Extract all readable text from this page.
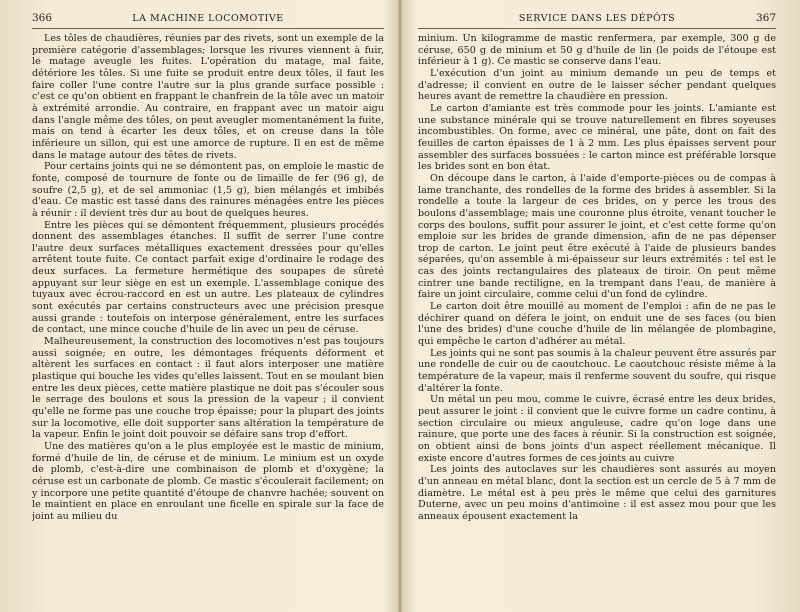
366	LA MACHINE LOCOMOTIVE

Les tôles de chaudières, réunies par des rivets, sont un exemple de la première catégorie d'assemblages; lorsque les rivures viennent à fuir, le matage aveugle les fuites. L'opération du matage, mal faite, détériore les tôles. Si une fuite se produit entre deux tôles, il faut les faire coller l'une contre l'autre sur la plus grande surface possible : c'est ce qu'on obtient en frappant le chanfrein de la tôle avec un matoir à extrémité arrondie. Au contraire, en frappant avec un matoir aigu dans l'angle même des tôles, on peut aveugler momentanément la fuite, mais on tend à écarter les deux tôles, et on creuse dans la tôle inférieure un sillon, qui est une amorce de rupture. Il en est de même dans le matage autour des têtes de rivets.

Pour certains joints qui ne se démontent pas, on emploie le mastic de fonte, composé de tournure de fonte ou de limaille de fer (96 g), de soufre (2,5 g), et de sel ammoniac (1,5 g), bien mélangés et imbibés d'eau. Ce mastic est tassé dans des rainures ménagées entre les pièces à réunir : il devient très dur au bout de quelques heures.

Entre les pièces qui se démontent fréquemment, plusieurs procédés donnent des assemblages étanches. Il suffit de serrer l'une contre l'autre deux surfaces métalliques exactement dressées pour qu'elles arrêtent toute fuite. Ce contact parfait exige d'ordinaire le rodage des deux surfaces. La fermeture hermétique des soupapes de sûreté appuyant sur leur siège en est un exemple. L'assemblage conique des tuyaux avec écrou-raccord en est un autre. Les plateaux de cylindres sont exécutés par certains constructeurs avec une précision presque aussi grande : toutefois on interpose généralement, entre les surfaces de contact, une mince couche d'huile de lin avec un peu de céruse.

Malheureusement, la construction des locomotives n'est pas toujours aussi soignée; en outre, les démontages fréquents déforment et altèrent les surfaces en contact : il faut alors interposer une matière plastique qui bouche les vides qu'elles laissent. Tout en se moulant bien entre les deux pièces, cette matière plastique ne doit pas s'écouler sous le serrage des boulons et sous la pression de la vapeur ; il convient qu'elle ne forme pas une couche trop épaisse; pour la plupart des joints sur la locomotive, elle doit supporter sans altération la température de la vapeur. Enfin le joint doit pouvoir se défaire sans trop d'effort.

Une des matières qu'on a le plus employée est le mastic de minium, formé d'huile de lin, de céruse et de minium. Le minium est un oxyde de plomb, c'est-à-dire une combinaison de plomb et d'oxygène; la céruse est un carbonate de plomb. Ce mastic s'écoulerait facilement; on y incorpore une petite quantité d'étoupe de chanvre hachée; souvent on le maintient en place en enroulant une ficelle en spirale sur la face de joint au milieu du

SERVICE DANS LES DÉPÔTS	367

minium. Un kilogramme de mastic renfermera, par exemple, 300 g de céruse, 650 g de minium et 50 g d'huile de lin (le poids de l'étoupe est inférieur à 1 g). Ce mastic se conserve dans l'eau.

L'exécution d'un joint au minium demande un peu de temps et d'adresse; il convient en outre de le laisser sécher pendant quelques heures avant de remettre la chaudière en pression.

Le carton d'amiante est très commode pour les joints. L'amiante est une substance minérale qui se trouve naturellement en fibres soyeuses incombustibles. On forme, avec ce minéral, une pâte, dont on fait des feuilles de carton épaisses de 1 à 2 mm. Les plus épaisses servent pour assembler des surfaces bossuées : le carton mince est préférable lorsque les brides sont en bon état.

On découpe dans le carton, à l'aide d'emporte-pièces ou de compas à lame tranchante, des rondelles de la forme des brides à assembler. Si la rondelle a toute la largeur de ces brides, on y perce les trous des boulons d'assemblage; mais une couronne plus étroite, venant toucher le corps des boulons, suffit pour assurer le joint, et c'est cette forme qu'on emploie sur les brides de grande dimension, afin de ne pas dépenser trop de carton. Le joint peut être exécuté à l'aide de plusieurs bandes séparées, qu'on assemble à mi-épaisseur sur leurs extrémités : tel est le cas des joints rectangulaires des plateaux de tiroir. On peut même cintrer une bande rectiligne, en la trempant dans l'eau, de manière à faire un joint circulaire, comme celui d'un fond de cylindre.

Le carton doit être mouillé au moment de l'emploi : afin de ne pas le déchirer quand on défera le joint, on enduit une de ses faces (ou bien l'une des brides) d'une couche d'huile de lin mélangée de plombagine, qui empêche le carton d'adhérer au métal.

Les joints qui ne sont pas soumis à la chaleur peuvent être assurés par une rondelle de cuir ou de caoutchouc. Le caoutchouc résiste même à la température de la vapeur, mais il renferme souvent du soufre, qui risque d'altérer la fonte.

Un métal un peu mou, comme le cuivre, écrasé entre les deux brides, peut assurer le joint : il convient que le cuivre forme un cadre continu, à section circulaire ou mieux anguleuse, cadre qu'on loge dans une rainure, que porte une des faces à réunir. Si la construction est soignée, on obtient ainsi de bons joints d'un aspect réellement mécanique. Il existe encore d'autres formes de ces joints au cuivre

Les joints des autoclaves sur les chaudières sont assurés au moyen d'un anneau en métal blanc, dont la section est un cercle de 5 à 7 mm de diamètre. Le métal est à peu près le même que celui des garnitures Duterne, avec un peu moins d'antimoine : il est assez mou pour que les anneaux épousent exactement la
